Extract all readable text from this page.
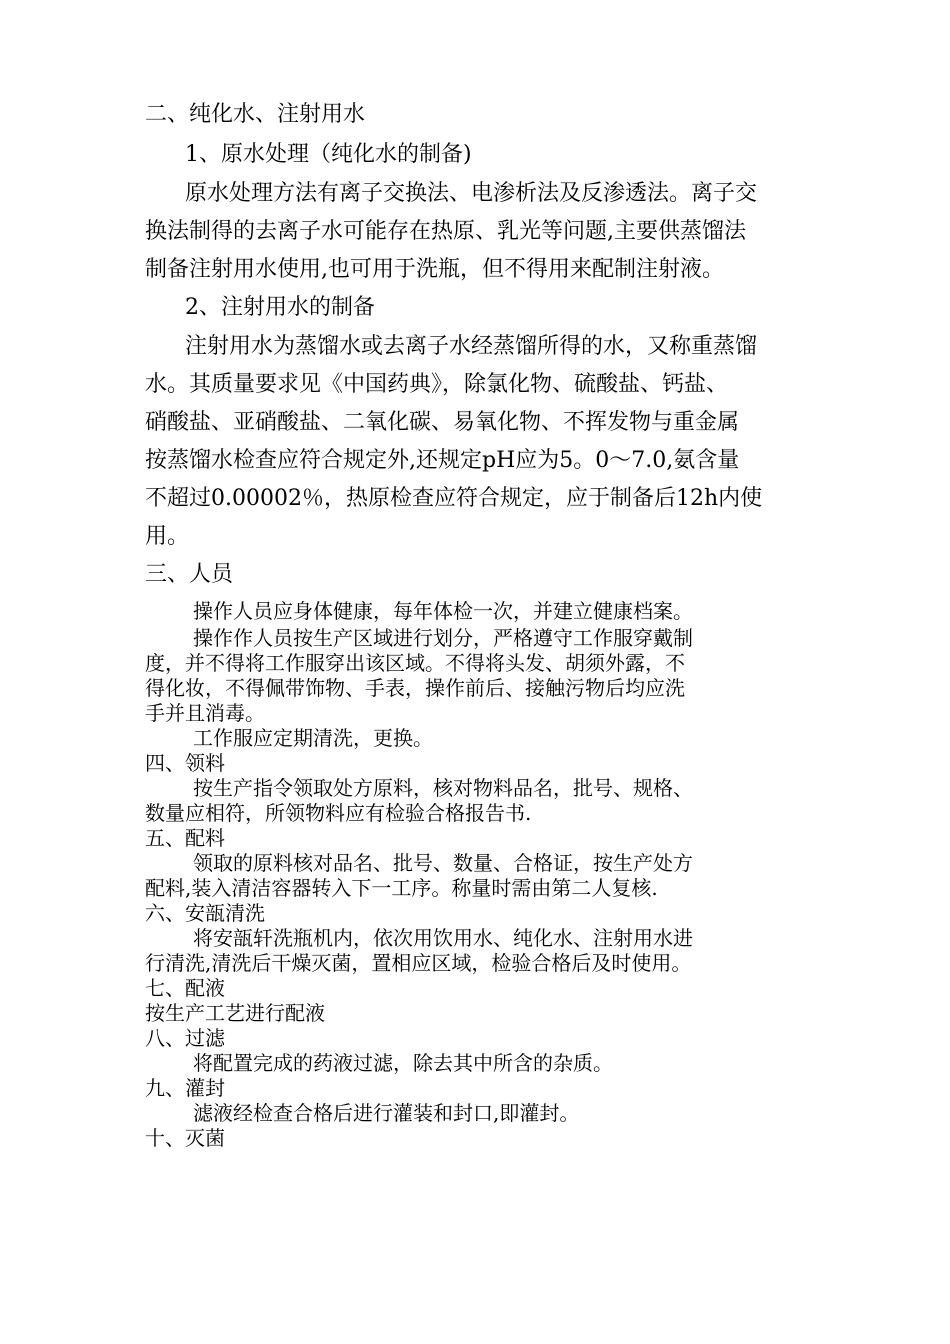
二、纯化水、注射用水

1、原水处理（纯化水的制备)

原水处理方法有离子交换法、电渗析法及反渗透法。离子交

换法制得的去离子水可能存在热原、乳光等问题,主要供蒸馏法

制备注射用水使用,也可用于洗瓶，但不得用来配制注射液。

2、注射用水的制备

注射用水为蒸馏水或去离子水经蒸馏所得的水，又称重蒸馏

水。其质量要求见《中国药典》，除氯化物、硫酸盐、钙盐、

硝酸盐、亚硝酸盐、二氧化碳、易氧化物、不挥发物与重金属

按蒸馏水检查应符合规定外,还规定pH应为5。0～7.0,氨含量

不超过0.00002％，热原检查应符合规定，应于制备后12h内使

用。

三、人员

操作人员应身体健康，每年体检一次，并建立健康档案。

操作作人员按生产区域进行划分，严格遵守工作服穿戴制

度，并不得将工作服穿出该区域。不得将头发、胡须外露，不

得化妆，不得佩带饰物、手表，操作前后、接触污物后均应洗

手并且消毒。

工作服应定期清洗，更换。

四、领料

按生产指令领取处方原料，核对物料品名，批号、规格、

数量应相符，所领物料应有检验合格报告书.

五、配料

领取的原料核对品名、批号、数量、合格证，按生产处方

配料,装入清洁容器转入下一工序。称量时需由第二人复核.

六、安瓿清洗

将安瓿轩洗瓶机内，依次用饮用水、纯化水、注射用水进

行清洗,清洗后干燥灭菌，置相应区域，检验合格后及时使用。

七、配液

按生产工艺进行配液

八、过滤

将配置完成的药液过滤，除去其中所含的杂质。

九、灌封

滤液经检查合格后进行灌装和封口,即灌封。

十、灭菌
